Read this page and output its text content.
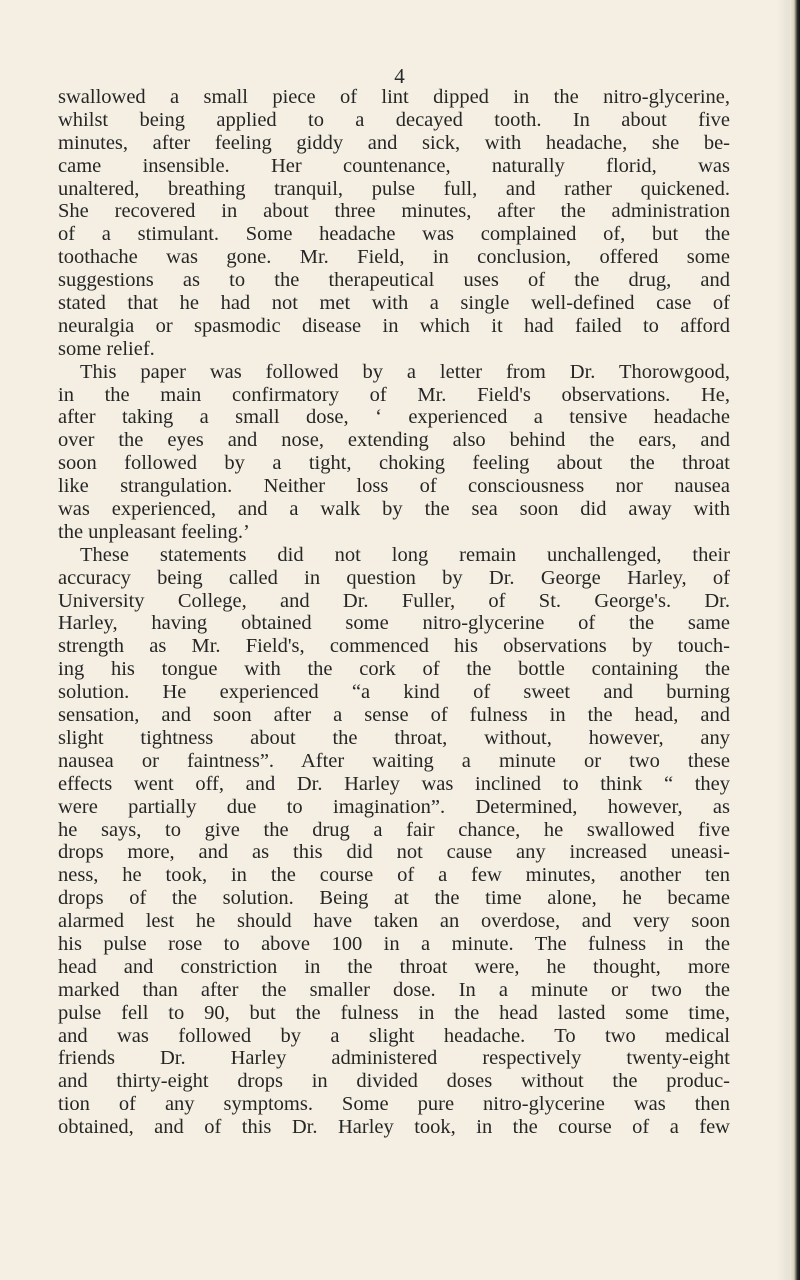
4
swallowed a small piece of lint dipped in the nitro-glycerine,
whilst being applied to a decayed tooth. In about five
minutes, after feeling giddy and sick, with headache, she be-
came insensible. Her countenance, naturally florid, was
unaltered, breathing tranquil, pulse full, and rather quickened.
She recovered in about three minutes, after the administration
of a stimulant. Some headache was complained of, but the
toothache was gone. Mr. Field, in conclusion, offered some
suggestions as to the therapeutical uses of the drug, and
stated that he had not met with a single well-defined case of
neuralgia or spasmodic disease in which it had failed to afford
some relief.
This paper was followed by a letter from Dr. Thorowgood,
in the main confirmatory of Mr. Field's observations. He,
after taking a small dose, ‘ experienced a tensive headache
over the eyes and nose, extending also behind the ears, and
soon followed by a tight, choking feeling about the throat
like strangulation. Neither loss of consciousness nor nausea
was experienced, and a walk by the sea soon did away with
the unpleasant feeling.’
These statements did not long remain unchallenged, their
accuracy being called in question by Dr. George Harley, of
University College, and Dr. Fuller, of St. George's. Dr.
Harley, having obtained some nitro-glycerine of the same
strength as Mr. Field's, commenced his observations by touch-
ing his tongue with the cork of the bottle containing the
solution. He experienced “a kind of sweet and burning
sensation, and soon after a sense of fulness in the head, and
slight tightness about the throat, without, however, any
nausea or faintness”. After waiting a minute or two these
effects went off, and Dr. Harley was inclined to think “ they
were partially due to imagination”. Determined, however, as
he says, to give the drug a fair chance, he swallowed five
drops more, and as this did not cause any increased uneasi-
ness, he took, in the course of a few minutes, another ten
drops of the solution. Being at the time alone, he became
alarmed lest he should have taken an overdose, and very soon
his pulse rose to above 100 in a minute. The fulness in the
head and constriction in the throat were, he thought, more
marked than after the smaller dose. In a minute or two the
pulse fell to 90, but the fulness in the head lasted some time,
and was followed by a slight headache. To two medical
friends Dr. Harley administered respectively twenty-eight
and thirty-eight drops in divided doses without the produc-
tion of any symptoms. Some pure nitro-glycerine was then
obtained, and of this Dr. Harley took, in the course of a few
